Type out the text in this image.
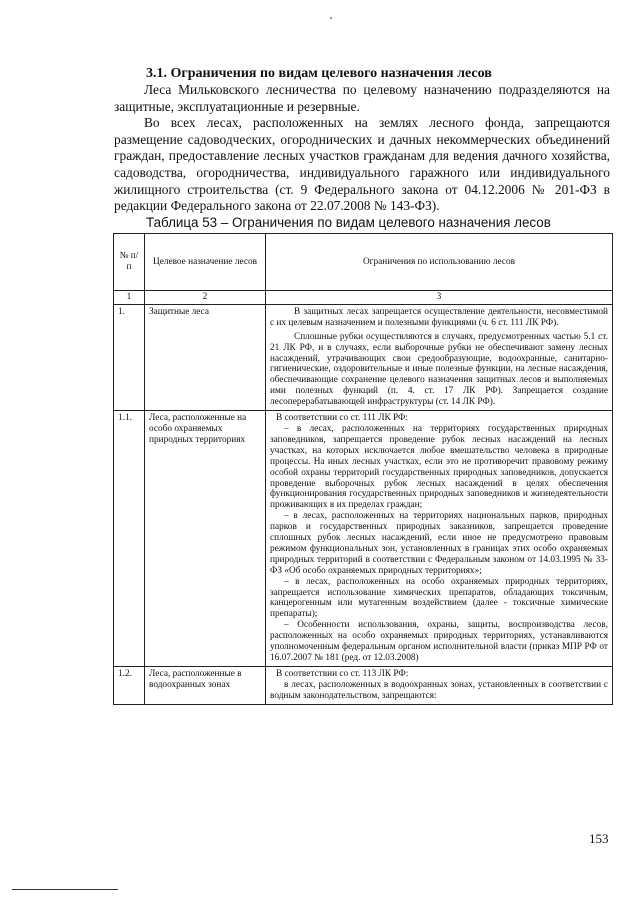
3.1. Ограничения по видам целевого назначения лесов

Леса Мильковского лесничества по целевому назначению подразделяются на защитные, эксплуатационные и резервные.

Во всех лесах, расположенных на землях лесного фонда, запрещаются размещение садоводческих, огороднических и дачных некоммерческих объединений граждан, предоставление лесных участков гражданам для ведения дачного хозяйства, садоводства, огородничества, индивидуального гаражного или индивидуального жилищного строительства (ст. 9 Федерального закона от 04.12.2006 № 201-ФЗ в редакции Федерального закона от 22.07.2008 № 143-ФЗ).

Таблица 53 – Ограничения по видам целевого назначения лесов
№ п/п	Целевое назначение лесов	Ограничения по использованию лесов
1	2	3
1.	Защитные леса	В защитных лесах запрещается осуществление деятельности, несовместимой с их целевым назначением и полезными функциями (ч. 6 ст. 111 ЛК РФ).
Сплошные рубки осуществляются в случаях, предусмотренных частью 5.1 ст. 21 ЛК РФ, и в случаях, если выборочные рубки не обеспечивают замену лесных насаждений, утрачивающих свои средообразующие, водоохранные, санитарно-гигиенические, оздоровительные и иные полезные функции, на лесные насаждения, обеспечивающие сохранение целевого назначения защитных лесов и выполняемых ими полезных функций (п. 4. ст. 17 ЛК РФ). Запрещается создание лесоперерабатывающей инфраструктуры (ст. 14 ЛК РФ).

1.1.	Леса, расположенные на особо охраняемых природных территориях	В соответствии со ст. 111 ЛК РФ:
– в лесах, расположенных на территориях государственных природных заповедников, запрещается проведение рубок лесных насаждений на лесных участках, на которых исключается любое вмешательство человека в природные процессы. На иных лесных участках, если это не противоречит правовому режиму особой охраны территорий государственных природных заповедников, допускается проведение выборочных рубок лесных насаждений в целях обеспечения функционирования государственных природных заповедников и жизнедеятельности проживающих в их пределах граждан;
– в лесах, расположенных на территориях национальных парков, природных парков и государственных природных заказников, запрещается проведение сплошных рубок лесных насаждений, если иное не предусмотрено правовым режимом функциональных зон, установленных в границах этих особо охраняемых природных территорий в соответствии с Федеральным законом от 14.03.1995 № 33-ФЗ «Об особо охраняемых природных территориях»;
– в лесах, расположенных на особо охраняемых природных территориях, запрещается использование химических препаратов, обладающих токсичным, канцерогенным или мутагенным воздействием (далее - токсичные химические препараты);
– Особенности использования, охраны, защиты, воспроизводства лесов, расположенных на особо охраняемых природных территориях, устанавливаются уполномоченным федеральным органом исполнительной власти (приказ МПР РФ от 16.07.2007 № 181 (ред. от 12.03.2008)

1.2.	Леса, расположенные в водоохранных зонах	В соответствии со ст. 113 ЛК РФ:
в лесах, расположенных в водоохранных зонах, установленных в соответствии с водным законодательством, запрещаются:
153
